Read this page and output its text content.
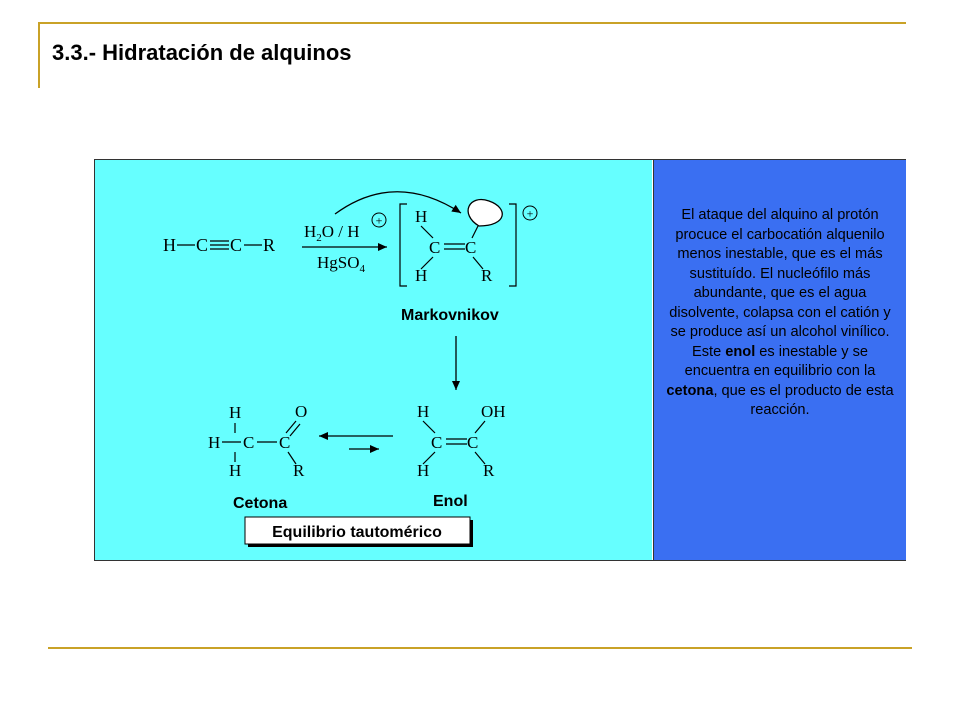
3.3.- Hidratación de alquinos
H C C R
$H_2O$ / H
+
HgSO$_4$
H
C C
H	R
+
Markovnikov
H
C C
OH
H	R
Enol
H
H C C
O
H	R
Cetona
Equilibrio tautomérico
El ataque del alquino al protón procuce el carbocatión alquenilo menos inestable, que es el más sustituído. El nucleófilo más abundante, que es el agua disolvente, colapsa con el catión y se produce así un alcohol vinílico. Este enol es inestable y se encuentra en equilibrio con la cetona, que es el producto de esta reacción.
